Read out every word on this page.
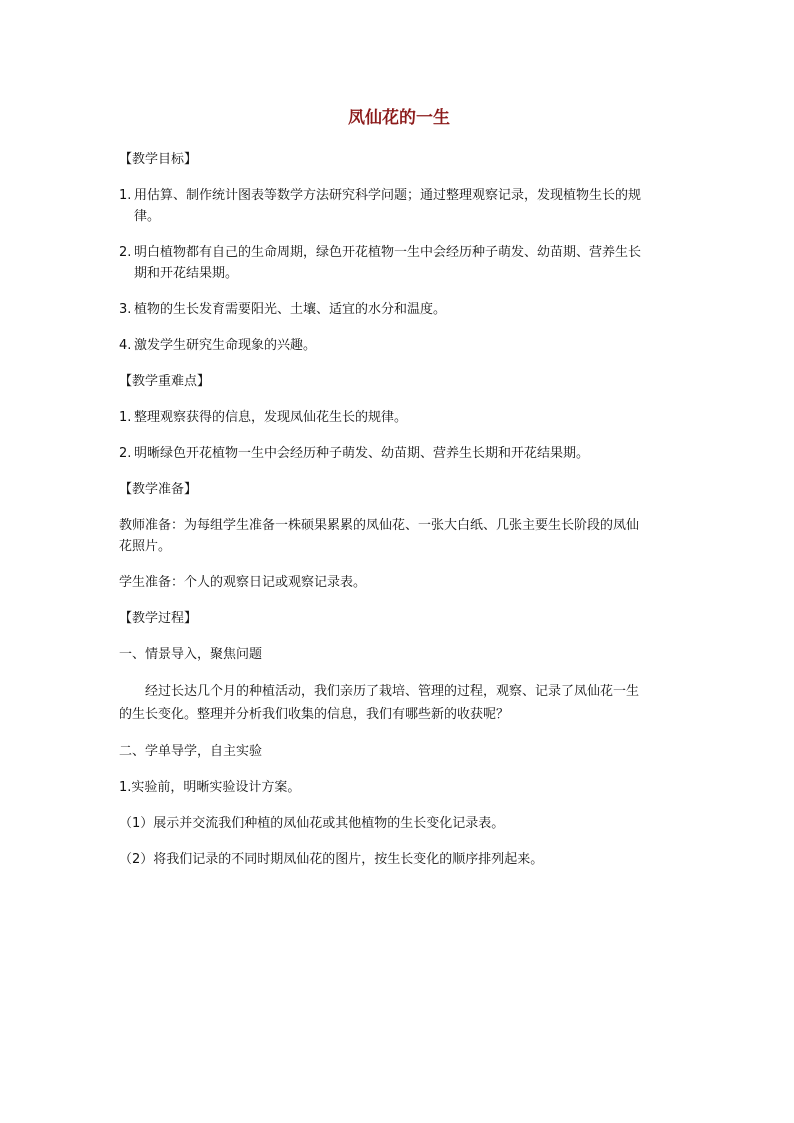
凤仙花的一生
【教学目标】
1. 用估算、制作统计图表等数学方法研究科学问题；通过整理观察记录，发现植物生长的规
律。
2. 明白植物都有自己的生命周期，绿色开花植物一生中会经历种子萌发、幼苗期、营养生长
期和开花结果期。
3. 植物的生长发育需要阳光、土壤、适宜的水分和温度。
4. 激发学生研究生命现象的兴趣。
【教学重难点】
1. 整理观察获得的信息，发现凤仙花生长的规律。
2. 明晰绿色开花植物一生中会经历种子萌发、幼苗期、营养生长期和开花结果期。
【教学准备】
教师准备：为每组学生准备一株硕果累累的凤仙花、一张大白纸、几张主要生长阶段的凤仙
花照片。
学生准备：个人的观察日记或观察记录表。
【教学过程】
一、情景导入，聚焦问题
经过长达几个月的种植活动，我们亲历了栽培、管理的过程，观察、记录了凤仙花一生
的生长变化。整理并分析我们收集的信息，我们有哪些新的收获呢？
二、学单导学，自主实验
1.实验前，明晰实验设计方案。
（1）展示并交流我们种植的凤仙花或其他植物的生长变化记录表。
（2）将我们记录的不同时期凤仙花的图片，按生长变化的顺序排列起来。
